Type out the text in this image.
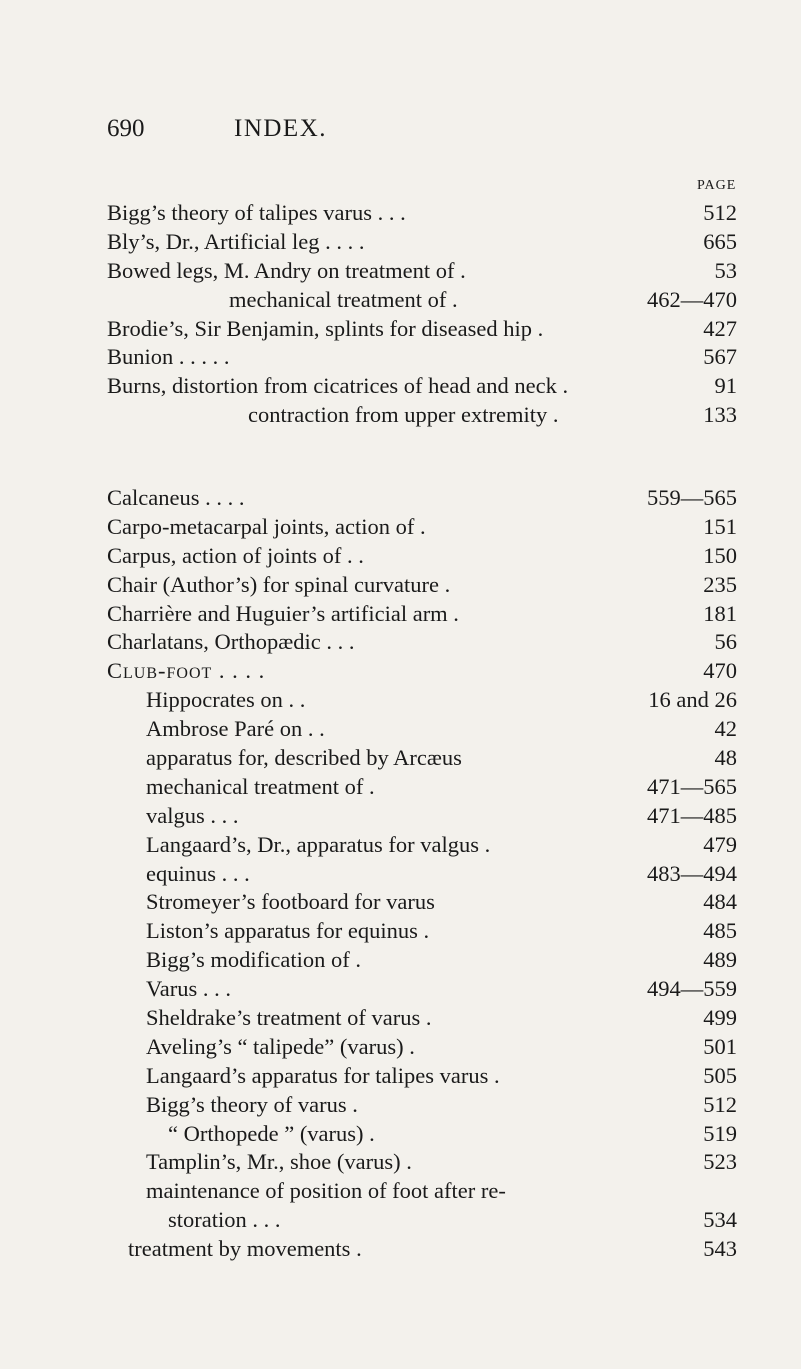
690	INDEX.
PAGE
Bigg’s theory of talipes varus . . .	512
Bly’s, Dr., Artificial leg . . . .	665
Bowed legs, M. Andry on treatment of .	53
mechanical treatment of .	462—470
Brodie’s, Sir Benjamin, splints for diseased hip .	427
Bunion . . . . .	567
Burns, distortion from cicatrices of head and neck .	91
contraction from upper extremity .	133
Calcaneus . . . .	559—565
Carpo-metacarpal joints, action of .	151
Carpus, action of joints of . .	150
Chair (Author’s) for spinal curvature .	235
Charrière and Huguier’s artificial arm .	181
Charlatans, Orthopædic . . .	56
Club-foot . . . .	470
Hippocrates on . .	16 and 26
Ambrose Paré on . .	42
apparatus for, described by Arcæus	48
mechanical treatment of .	471—565
valgus . . .	471—485
Langaard’s, Dr., apparatus for valgus .	479
equinus . . .	483—494
Stromeyer’s footboard for varus	484
Liston’s apparatus for equinus .	485
Bigg’s modification of .	489
Varus . . .	494—559
Sheldrake’s treatment of varus .	499
Aveling’s “ talipede” (varus) .	501
Langaard’s apparatus for talipes varus .	505
Bigg’s theory of varus .	512
“ Orthopede ” (varus) .	519
Tamplin’s, Mr., shoe (varus) .	523
maintenance of position of foot after re-
storation . . .	534
treatment by movements .	543
